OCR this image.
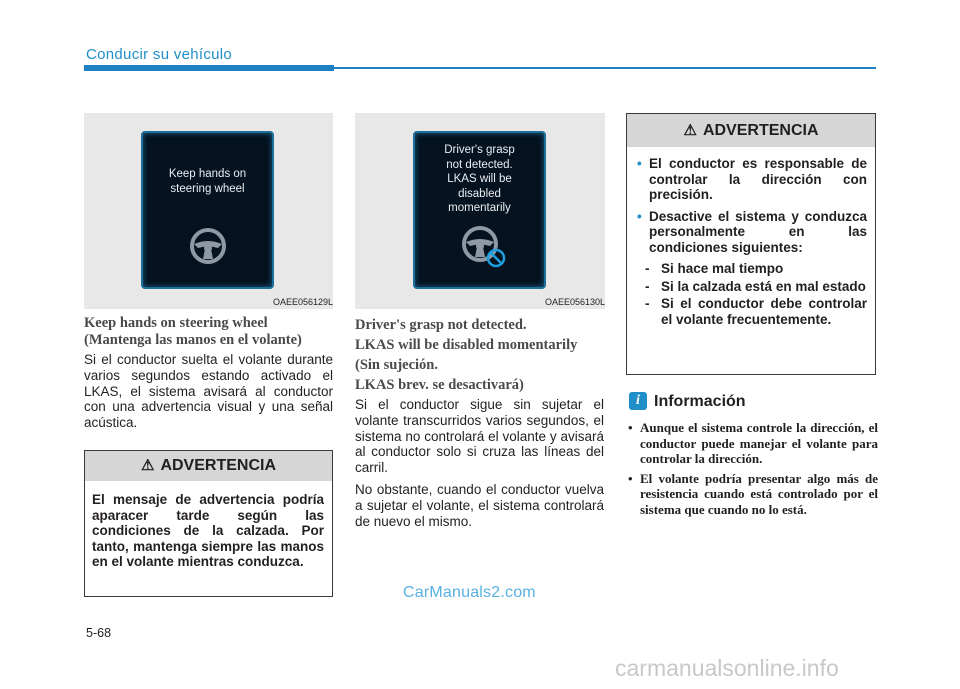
Conducir su vehículo
Keep hands on
steering wheel
OAEE056129L
Driver's grasp
not detected.
LKAS will be
disabled
momentarily
OAEE056130L
Keep hands on steering wheel
(Mantenga las manos en el volante)
Si el conductor suelta el volante durante varios segundos estando activado el LKAS, el sistema avisará al conductor con una advertencia visual y una señal acústica.
⚠ ADVERTENCIA
El mensaje de advertencia podría aparacer tarde según las condiciones de la calzada. Por tanto, mantenga siempre las manos en el volante mientras conduzca.
Driver's grasp not detected.
LKAS will be disabled momentarily
(Sin sujeción.
LKAS brev. se desactivará)
Si el conductor sigue sin sujetar el volante transcurridos varios segundos, el sistema no controlará el volante y avisará al conductor solo si cruza las líneas del carril.
No obstante, cuando el conductor vuelva a sujetar el volante, el sistema controlará de nuevo el mismo.
⚠ ADVERTENCIA
• El conductor es responsable de controlar la dirección con precisión.
• Desactive el sistema y conduzca personalmente en las condiciones siguientes:
- Si hace mal tiempo
- Si la calzada está en mal estado
- Si el conductor debe controlar el volante frecuentemente.
i Información
• Aunque el sistema controle la dirección, el conductor puede manejar el volante para controlar la dirección.
• El volante podría presentar algo más de resistencia cuando está controlado por el sistema que cuando no lo está.
CarManuals2.com
5-68
carmanualsonline.info
